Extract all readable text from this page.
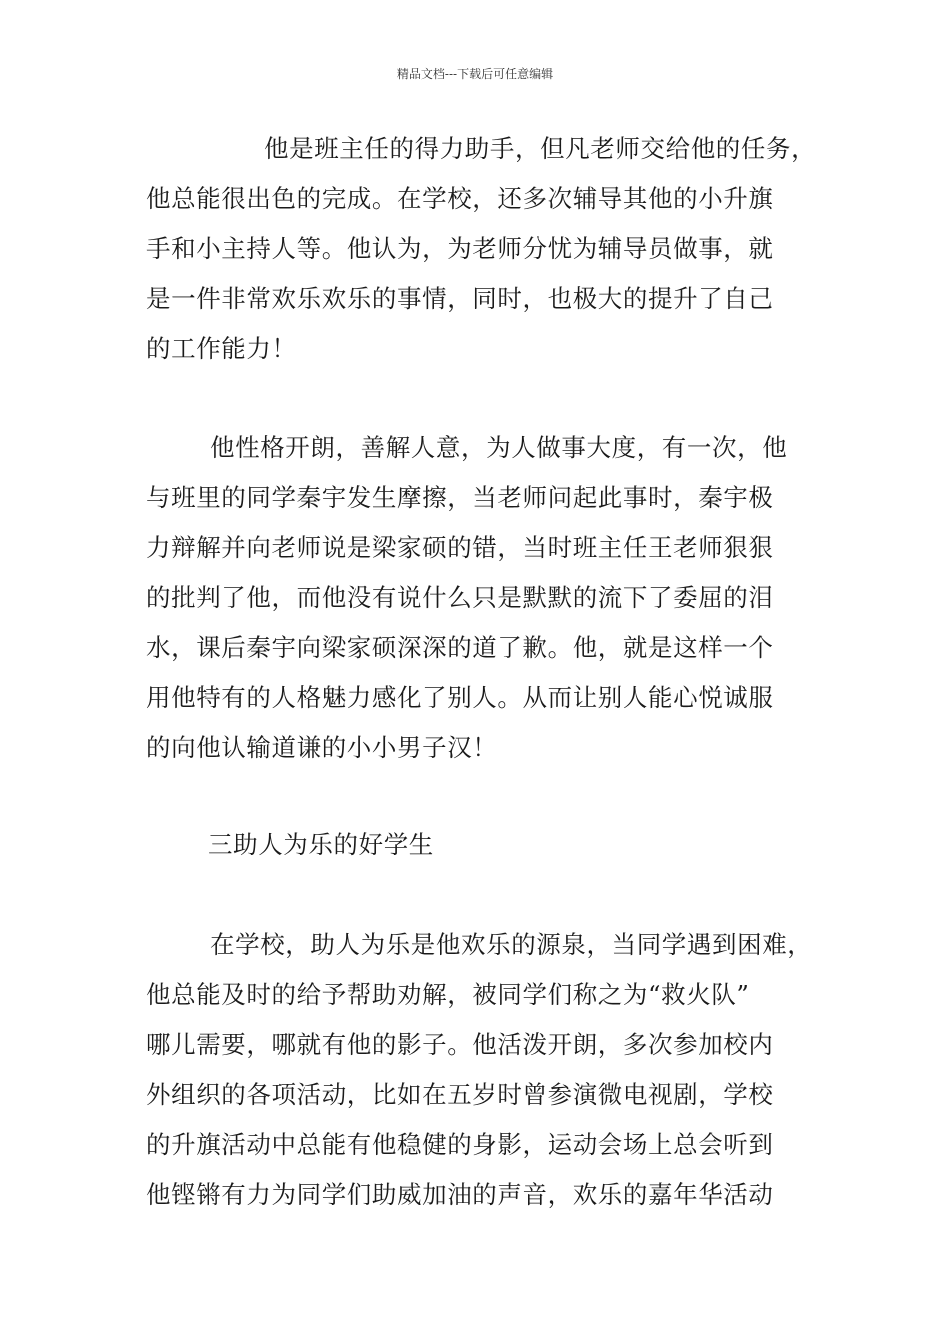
精品文档---下载后可任意编辑
他是班主任的得力助手，但凡老师交给他的任务，
他总能很出色的完成。在学校，还多次辅导其他的小升旗
手和小主持人等。他认为，为老师分忧为辅导员做事，就
是一件非常欢乐欢乐的事情，同时，也极大的提升了自己
的工作能力！
他性格开朗，善解人意，为人做事大度，有一次，他
与班里的同学秦宇发生摩擦，当老师问起此事时，秦宇极
力辩解并向老师说是梁家硕的错，当时班主任王老师狠狠
的批判了他，而他没有说什么只是默默的流下了委屈的泪
水，课后秦宇向梁家硕深深的道了歉。他，就是这样一个
用他特有的人格魅力感化了别人。从而让别人能心悦诚服
的向他认输道谦的小小男子汉！
三助人为乐的好学生
在学校，助人为乐是他欢乐的源泉，当同学遇到困难，
他总能及时的给予帮助劝解，被同学们称之为“救火队”
哪儿需要，哪就有他的影子。他活泼开朗，多次参加校内
外组织的各项活动，比如在五岁时曾参演微电视剧，学校
的升旗活动中总能有他稳健的身影，运动会场上总会听到
他铿锵有力为同学们助威加油的声音，欢乐的嘉年华活动
